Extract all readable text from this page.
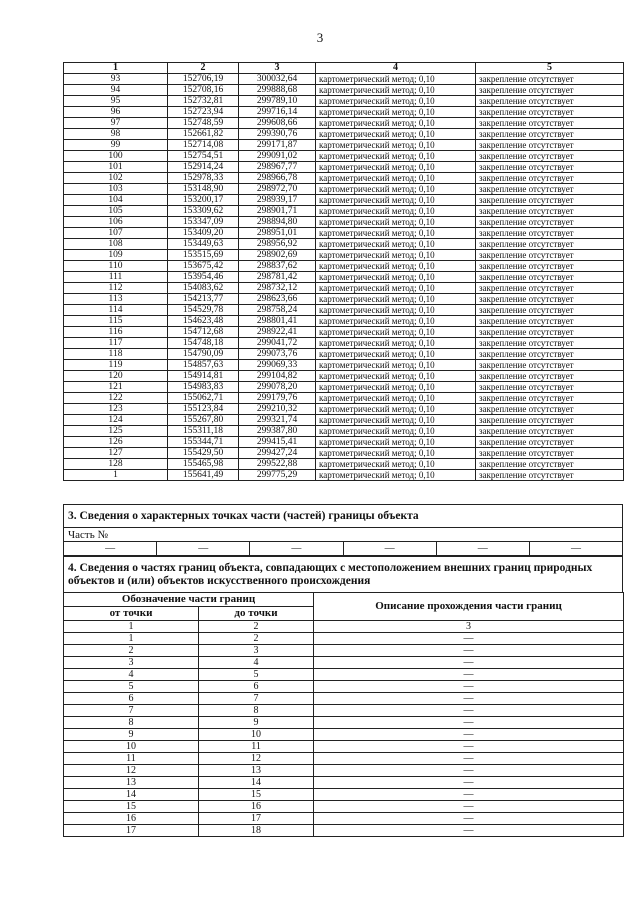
3
1	2	3	4	5
93	152706,19	300032,64	картометрический метод; 0,10	закрепление отсутствует
94	152708,16	299888,68	картометрический метод; 0,10	закрепление отсутствует
95	152732,81	299789,10	картометрический метод; 0,10	закрепление отсутствует
96	152723,94	299716,14	картометрический метод; 0,10	закрепление отсутствует
97	152748,59	299608,66	картометрический метод; 0,10	закрепление отсутствует
98	152661,82	299390,76	картометрический метод; 0,10	закрепление отсутствует
99	152714,08	299171,87	картометрический метод; 0,10	закрепление отсутствует
100	152754,51	299091,02	картометрический метод; 0,10	закрепление отсутствует
101	152914,24	298967,77	картометрический метод; 0,10	закрепление отсутствует
102	152978,33	298966,78	картометрический метод; 0,10	закрепление отсутствует
103	153148,90	298972,70	картометрический метод; 0,10	закрепление отсутствует
104	153200,17	298939,17	картометрический метод; 0,10	закрепление отсутствует
105	153309,62	298901,71	картометрический метод; 0,10	закрепление отсутствует
106	153347,09	298894,80	картометрический метод; 0,10	закрепление отсутствует
107	153409,20	298951,01	картометрический метод; 0,10	закрепление отсутствует
108	153449,63	298956,92	картометрический метод; 0,10	закрепление отсутствует
109	153515,69	298902,69	картометрический метод; 0,10	закрепление отсутствует
110	153675,42	298837,62	картометрический метод; 0,10	закрепление отсутствует
111	153954,46	298781,42	картометрический метод; 0,10	закрепление отсутствует
112	154083,62	298732,12	картометрический метод; 0,10	закрепление отсутствует
113	154213,77	298623,66	картометрический метод; 0,10	закрепление отсутствует
114	154529,78	298758,24	картометрический метод; 0,10	закрепление отсутствует
115	154623,48	298801,41	картометрический метод; 0,10	закрепление отсутствует
116	154712,68	298922,41	картометрический метод; 0,10	закрепление отсутствует
117	154748,18	299041,72	картометрический метод; 0,10	закрепление отсутствует
118	154790,09	299073,76	картометрический метод; 0,10	закрепление отсутствует
119	154857,63	299069,33	картометрический метод; 0,10	закрепление отсутствует
120	154914,81	299104,82	картометрический метод; 0,10	закрепление отсутствует
121	154983,83	299078,20	картометрический метод; 0,10	закрепление отсутствует
122	155062,71	299179,76	картометрический метод; 0,10	закрепление отсутствует
123	155123,84	299210,32	картометрический метод; 0,10	закрепление отсутствует
124	155267,80	299321,74	картометрический метод; 0,10	закрепление отсутствует
125	155311,18	299387,80	картометрический метод; 0,10	закрепление отсутствует
126	155344,71	299415,41	картометрический метод; 0,10	закрепление отсутствует
127	155429,50	299427,24	картометрический метод; 0,10	закрепление отсутствует
128	155465,98	299522,88	картометрический метод; 0,10	закрепление отсутствует
1	155641,49	299775,29	картометрический метод; 0,10	закрепление отсутствует
3. Сведения о характерных точках части (частей) границы объекта
Часть №
—	—	—	—	—	—
4. Сведения о частях границ объекта, совпадающих с местоположением внешних границ природных объектов и (или) объектов искусственного происхождения
Обозначение части границ		Описание прохождения части границ
от точки	до точки	
1	2	3
1	2	—
2	3	—
3	4	—
4	5	—
5	6	—
6	7	—
7	8	—
8	9	—
9	10	—
10	11	—
11	12	—
12	13	—
13	14	—
14	15	—
15	16	—
16	17	—
17	18	—
